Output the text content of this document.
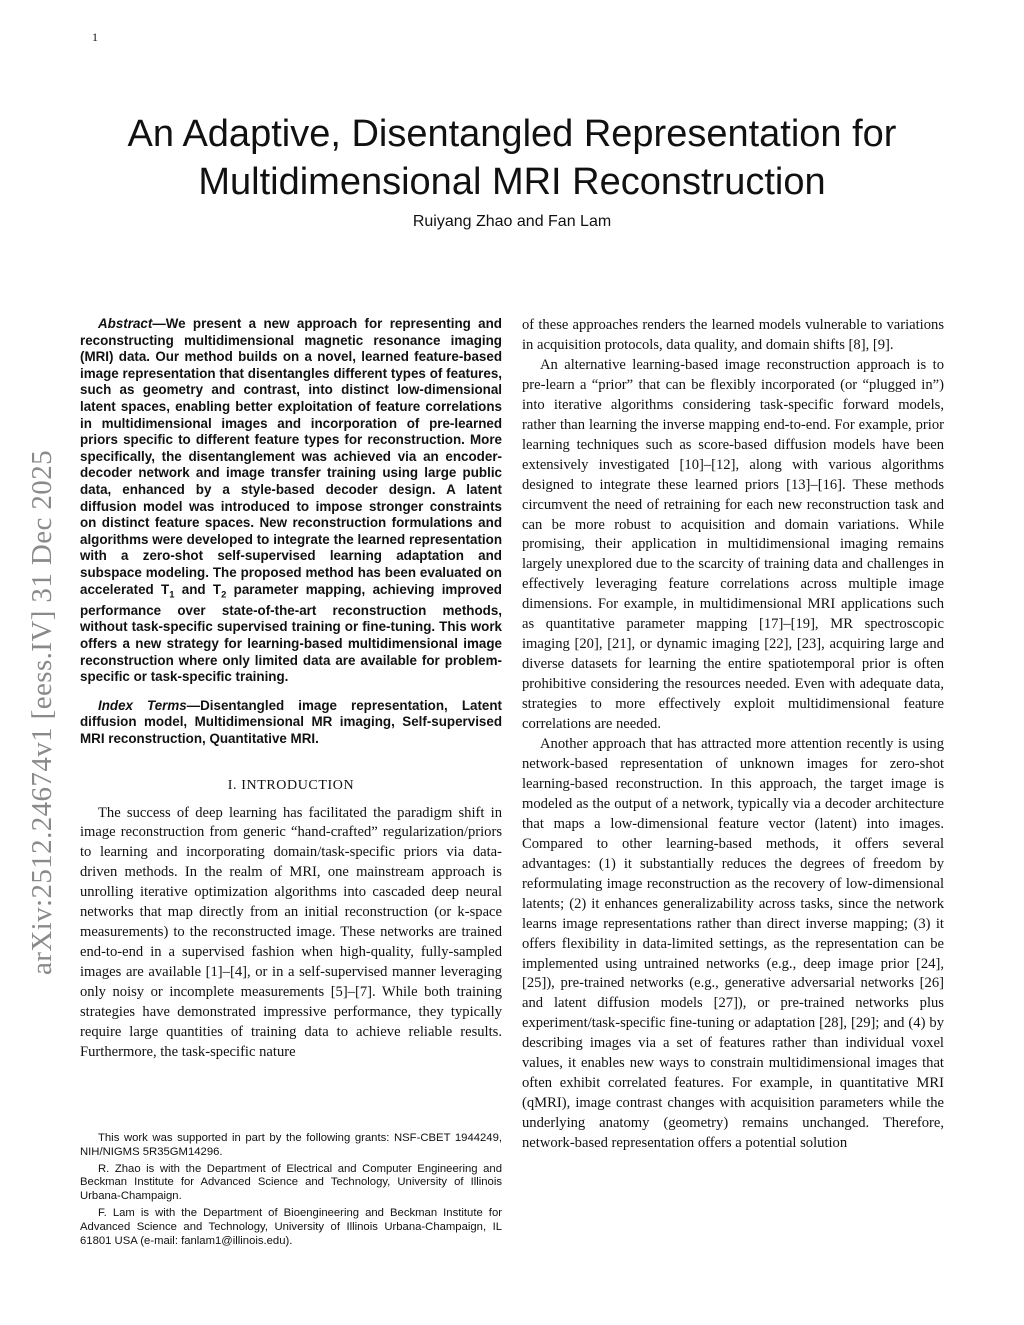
1
arXiv:2512.24674v1 [eess.IV] 31 Dec 2025
An Adaptive, Disentangled Representation for Multidimensional MRI Reconstruction
Ruiyang Zhao and Fan Lam

Abstract—We present a new approach for representing and reconstructing multidimensional magnetic resonance imaging (MRI) data. Our method builds on a novel, learned feature-based image representation that disentangles different types of features, such as geometry and contrast, into distinct low-dimensional latent spaces, enabling better exploitation of feature correlations in multidimensional images and incorporation of pre-learned priors specific to different feature types for reconstruction. More specifically, the disentanglement was achieved via an encoder-decoder network and image transfer training using large public data, enhanced by a style-based decoder design. A latent diffusion model was introduced to impose stronger constraints on distinct feature spaces. New reconstruction formulations and algorithms were developed to integrate the learned representation with a zero-shot self-supervised learning adaptation and subspace modeling. The proposed method has been evaluated on accelerated $T_1$ and $T_2$ parameter mapping, achieving improved performance over state-of-the-art reconstruction methods, without task-specific supervised training or fine-tuning. This work offers a new strategy for learning-based multidimensional image reconstruction where only limited data are available for problem-specific or task-specific training.

Index Terms—Disentangled image representation, Latent diffusion model, Multidimensional MR imaging, Self-supervised MRI reconstruction, Quantitative MRI.

I. INTRODUCTION

The success of deep learning has facilitated the paradigm shift in image reconstruction from generic “hand-crafted” regularization/priors to learning and incorporating domain/task-specific priors via data-driven methods. In the realm of MRI, one mainstream approach is unrolling iterative optimization algorithms into cascaded deep neural networks that map directly from an initial reconstruction (or k-space measurements) to the reconstructed image. These networks are trained end-to-end in a supervised fashion when high-quality, fully-sampled images are available [1]–[4], or in a self-supervised manner leveraging only noisy or incomplete measurements [5]–[7]. While both training strategies have demonstrated impressive performance, they typically require large quantities of training data to achieve reliable results. Furthermore, the task-specific nature

This work was supported in part by the following grants: NSF-CBET 1944249, NIH/NIGMS 5R35GM14296.

R. Zhao is with the Department of Electrical and Computer Engineering and Beckman Institute for Advanced Science and Technology, University of Illinois Urbana-Champaign.

F. Lam is with the Department of Bioengineering and Beckman Institute for Advanced Science and Technology, University of Illinois Urbana-Champaign, IL 61801 USA (e-mail: fanlam1@illinois.edu).

of these approaches renders the learned models vulnerable to variations in acquisition protocols, data quality, and domain shifts [8], [9].

An alternative learning-based image reconstruction approach is to pre-learn a “prior” that can be flexibly incorporated (or “plugged in”) into iterative algorithms considering task-specific forward models, rather than learning the inverse mapping end-to-end. For example, prior learning techniques such as score-based diffusion models have been extensively investigated [10]–[12], along with various algorithms designed to integrate these learned priors [13]–[16]. These methods circumvent the need of retraining for each new reconstruction task and can be more robust to acquisition and domain variations. While promising, their application in multidimensional imaging remains largely unexplored due to the scarcity of training data and challenges in effectively leveraging feature correlations across multiple image dimensions. For example, in multidimensional MRI applications such as quantitative parameter mapping [17]–[19], MR spectroscopic imaging [20], [21], or dynamic imaging [22], [23], acquiring large and diverse datasets for learning the entire spatiotemporal prior is often prohibitive considering the resources needed. Even with adequate data, strategies to more effectively exploit multidimensional feature correlations are needed.

Another approach that has attracted more attention recently is using network-based representation of unknown images for zero-shot learning-based reconstruction. In this approach, the target image is modeled as the output of a network, typically via a decoder architecture that maps a low-dimensional feature vector (latent) into images. Compared to other learning-based methods, it offers several advantages: (1) it substantially reduces the degrees of freedom by reformulating image reconstruction as the recovery of low-dimensional latents; (2) it enhances generalizability across tasks, since the network learns image representations rather than direct inverse mapping; (3) it offers flexibility in data-limited settings, as the representation can be implemented using untrained networks (e.g., deep image prior [24], [25]), pre-trained networks (e.g., generative adversarial networks [26] and latent diffusion models [27]), or pre-trained networks plus experiment/task-specific fine-tuning or adaptation [28], [29]; and (4) by describing images via a set of features rather than individual voxel values, it enables new ways to constrain multidimensional images that often exhibit correlated features. For example, in quantitative MRI (qMRI), image contrast changes with acquisition parameters while the underlying anatomy (geometry) remains unchanged. Therefore, network-based representation offers a potential solution
